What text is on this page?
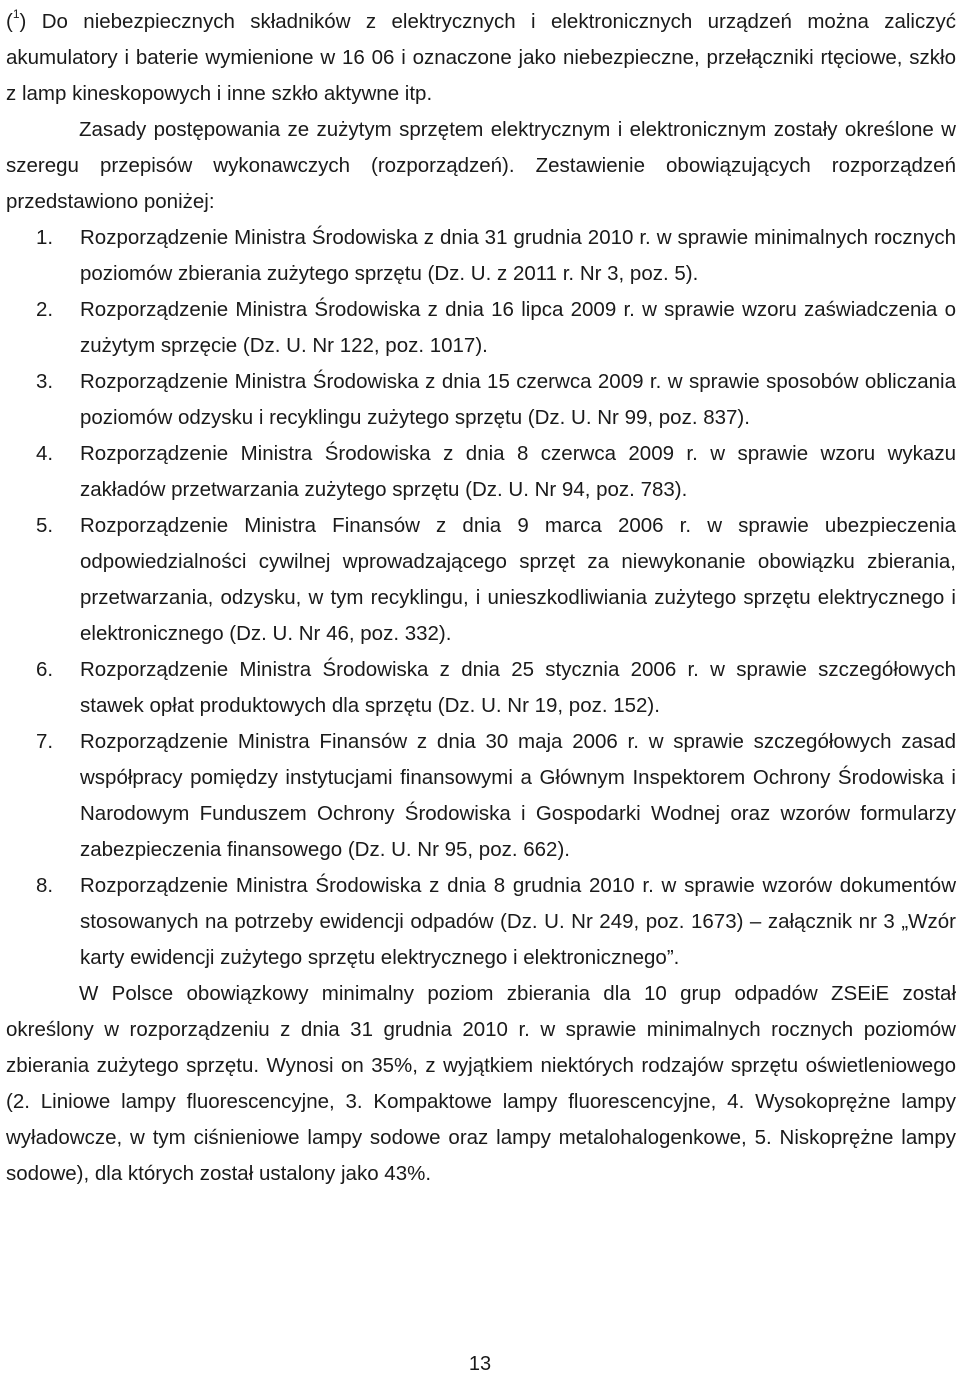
($^1$) Do niebezpiecznych składników z elektrycznych i elektronicznych urządzeń można zaliczyć akumulatory i baterie wymienione w 16 06 i oznaczone jako niebezpieczne, przełączniki rtęciowe, szkło z lamp kineskopowych i inne szkło aktywne itp.

Zasady postępowania ze zużytym sprzętem elektrycznym i elektronicznym zostały określone w szeregu przepisów wykonawczych (rozporządzeń). Zestawienie obowiązujących rozporządzeń przedstawiono poniżej:

1. Rozporządzenie Ministra Środowiska z dnia 31 grudnia 2010 r. w sprawie minimalnych rocznych poziomów zbierania zużytego sprzętu (Dz. U. z 2011 r. Nr 3, poz. 5).
2. Rozporządzenie Ministra Środowiska z dnia 16 lipca 2009 r. w sprawie wzoru zaświadczenia o zużytym sprzęcie (Dz. U. Nr 122, poz. 1017).
3. Rozporządzenie Ministra Środowiska z dnia 15 czerwca 2009 r. w sprawie sposobów obliczania poziomów odzysku i recyklingu zużytego sprzętu (Dz. U. Nr 99, poz. 837).
4. Rozporządzenie Ministra Środowiska z dnia 8 czerwca 2009 r. w sprawie wzoru wykazu zakładów przetwarzania zużytego sprzętu (Dz. U. Nr 94, poz. 783).
5. Rozporządzenie Ministra Finansów z dnia 9 marca 2006 r. w sprawie ubezpieczenia odpowiedzialności cywilnej wprowadzającego sprzęt za niewykonanie obowiązku zbierania, przetwarzania, odzysku, w tym recyklingu, i unieszkodliwiania zużytego sprzętu elektrycznego i elektronicznego (Dz. U. Nr 46, poz. 332).
6. Rozporządzenie Ministra Środowiska z dnia 25 stycznia 2006 r. w sprawie szczegółowych stawek opłat produktowych dla sprzętu (Dz. U. Nr 19, poz. 152).
7. Rozporządzenie Ministra Finansów z dnia 30 maja 2006 r. w sprawie szczegółowych zasad współpracy pomiędzy instytucjami finansowymi a Głównym Inspektorem Ochrony Środowiska i Narodowym Funduszem Ochrony Środowiska i Gospodarki Wodnej oraz wzorów formularzy zabezpieczenia finansowego (Dz. U. Nr 95, poz. 662).
8. Rozporządzenie Ministra Środowiska z dnia 8 grudnia 2010 r. w sprawie wzorów dokumentów stosowanych na potrzeby ewidencji odpadów (Dz. U. Nr 249, poz. 1673) – załącznik nr 3 „Wzór karty ewidencji zużytego sprzętu elektrycznego i elektronicznego”.

W Polsce obowiązkowy minimalny poziom zbierania dla 10 grup odpadów ZSEiE został określony w rozporządzeniu z dnia 31 grudnia 2010 r. w sprawie minimalnych rocznych poziomów zbierania zużytego sprzętu. Wynosi on 35%, z wyjątkiem niektórych rodzajów sprzętu oświetleniowego (2. Liniowe lampy fluorescencyjne, 3. Kompaktowe lampy fluorescencyjne, 4. Wysokoprężne lampy wyładowcze, w tym ciśnieniowe lampy sodowe oraz lampy metalohalogenkowe, 5. Niskoprężne lampy sodowe), dla których został ustalony jako 43%.

13
